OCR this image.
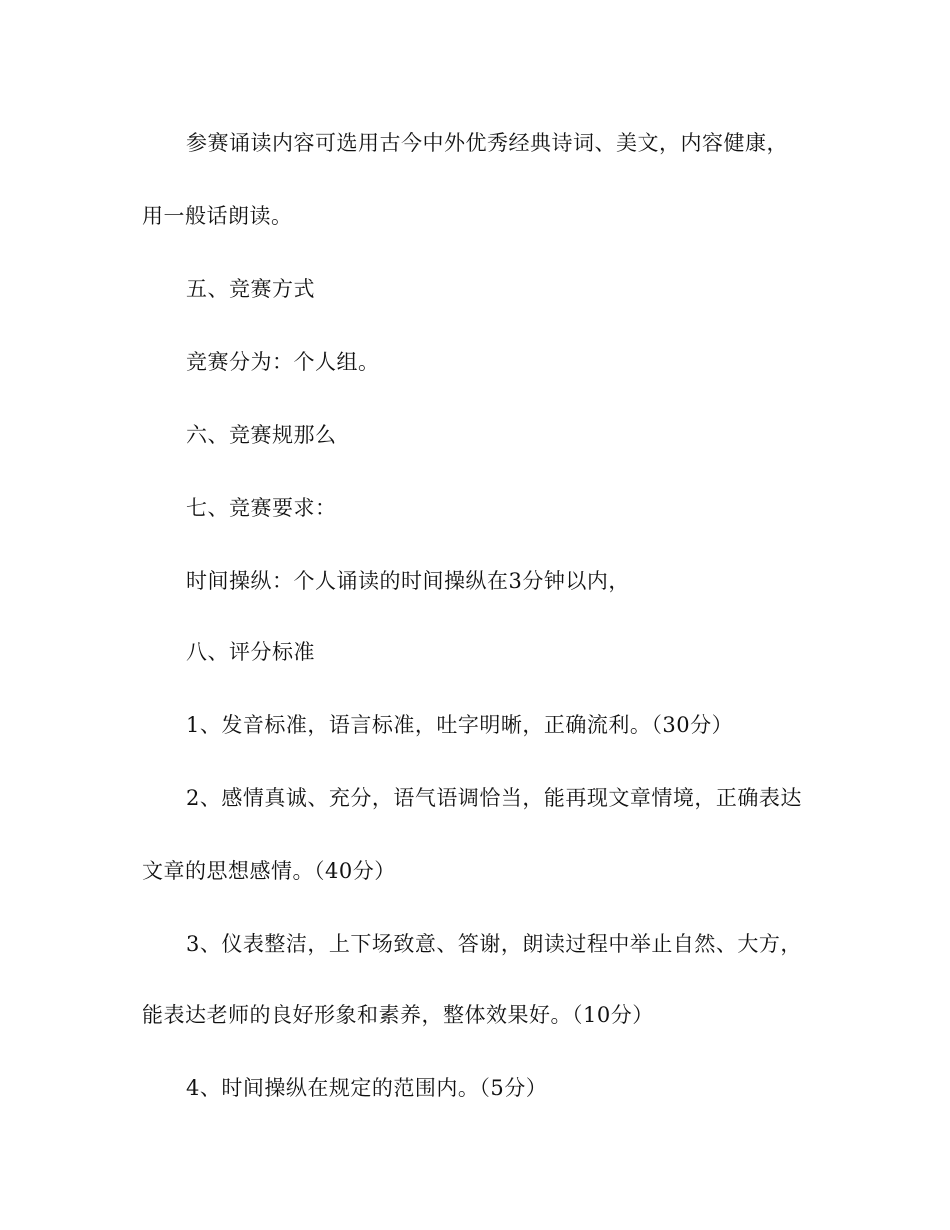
参赛诵读内容可选用古今中外优秀经典诗词、美文，内容健康，
用一般话朗读。
五、竞赛方式
竞赛分为：个人组。
六、竞赛规那么
七、竞赛要求：
时间操纵：个人诵读的时间操纵在3分钟以内，
八、评分标准
1、发音标准，语言标准，吐字明晰，正确流利。（30分）
2、感情真诚、充分，语气语调恰当，能再现文章情境，正确表达
文章的思想感情。（40分）
3、仪表整洁，上下场致意、答谢，朗读过程中举止自然、大方，
能表达老师的良好形象和素养，整体效果好。（10分）
4、时间操纵在规定的范围内。（5分）
